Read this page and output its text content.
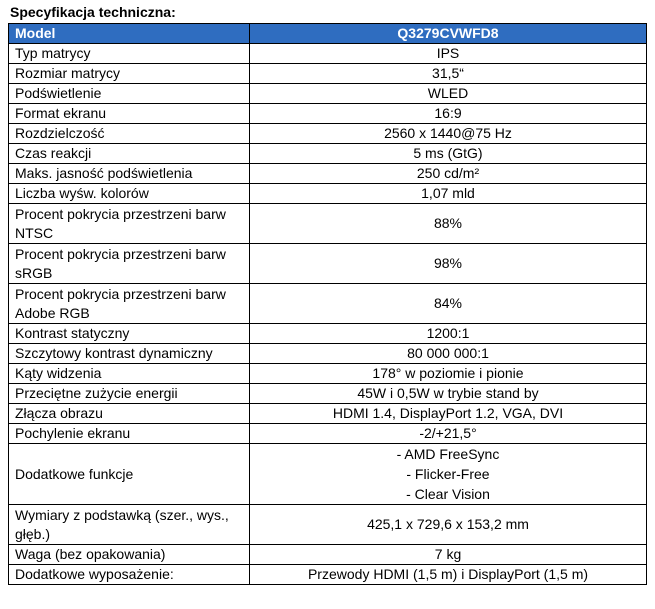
Specyfikacja techniczna:
Model	Q3279CVWFD8
Typ matrycy	IPS
Rozmiar matrycy	31,5“
Podświetlenie	WLED
Format ekranu	16:9
Rozdzielczość	2560 x 1440@75 Hz
Czas reakcji	5 ms (GtG)
Maks. jasność podświetlenia	250 cd/m²
Liczba wyśw. kolorów	1,07 mld
Procent pokrycia przestrzeni barw NTSC	88%
Procent pokrycia przestrzeni barw sRGB	98%
Procent pokrycia przestrzeni barw Adobe RGB	84%
Kontrast statyczny	1200:1
Szczytowy kontrast dynamiczny	80 000 000:1
Kąty widzenia	178° w poziomie i pionie
Przeciętne zużycie energii	45W i 0,5W w trybie stand by
Złącza obrazu	HDMI 1.4, DisplayPort 1.2, VGA, DVI
Pochylenie ekranu	-2/+21,5°
Dodatkowe funkcje	- AMD FreeSync
- Flicker-Free
- Clear Vision

Wymiary z podstawką (szer., wys., głęb.)	425,1 x 729,6 x 153,2 mm
Waga (bez opakowania)	7 kg
Dodatkowe wyposażenie:	Przewody HDMI (1,5 m) i DisplayPort (1,5 m)
